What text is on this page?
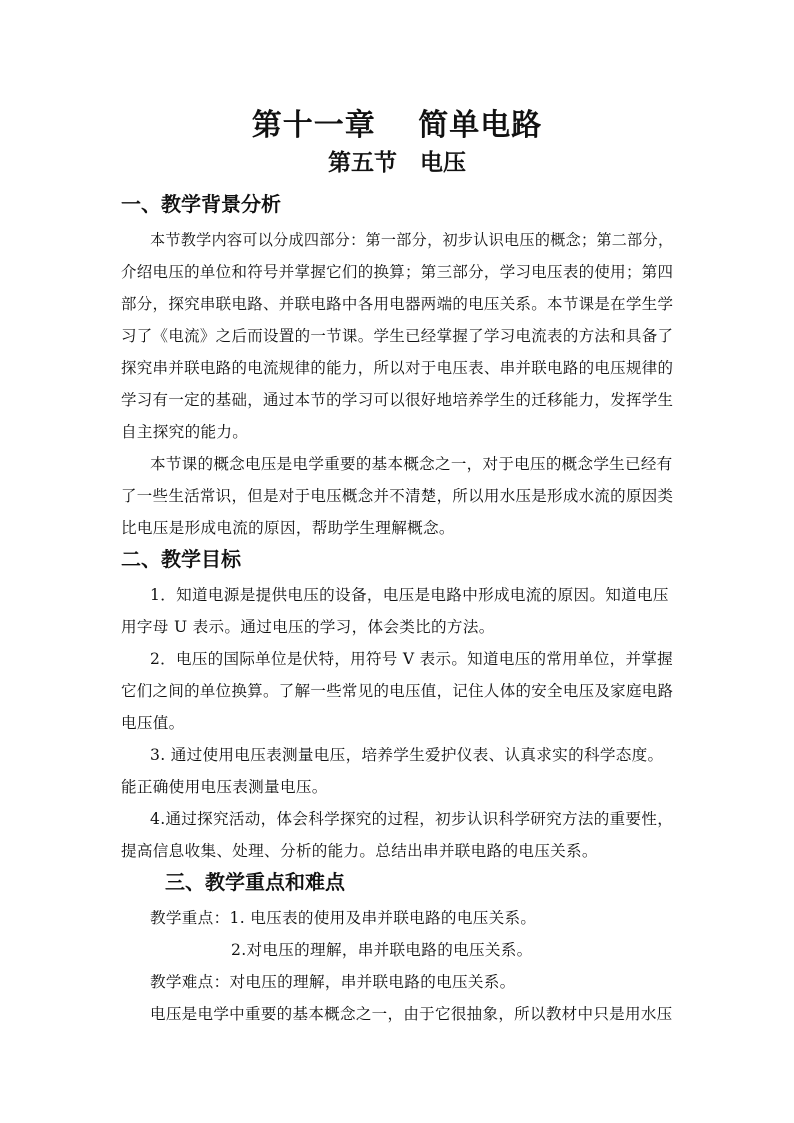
第十一章　 简单电路
第五节　电压
一、教学背景分析
本节教学内容可以分成四部分：第一部分，初步认识电压的概念；第二部分，
介绍电压的单位和符号并掌握它们的换算；第三部分，学习电压表的使用；第四
部分，探究串联电路、并联电路中各用电器两端的电压关系。本节课是在学生学
习了《电流》之后而设置的一节课。学生已经掌握了学习电流表的方法和具备了
探究串并联电路的电流规律的能力，所以对于电压表、串并联电路的电压规律的
学习有一定的基础，通过本节的学习可以很好地培养学生的迁移能力，发挥学生
自主探究的能力。
本节课的概念电压是电学重要的基本概念之一，对于电压的概念学生已经有
了一些生活常识，但是对于电压概念并不清楚，所以用水压是形成水流的原因类
比电压是形成电流的原因，帮助学生理解概念。
二、教学目标
1．知道电源是提供电压的设备，电压是电路中形成电流的原因。知道电压
用字母 U 表示。通过电压的学习，体会类比的方法。
2．电压的国际单位是伏特，用符号 V 表示。知道电压的常用单位，并掌握
它们之间的单位换算。了解一些常见的电压值，记住人体的安全电压及家庭电路
电压值。
3. 通过使用电压表测量电压，培养学生爱护仪表、认真求实的科学态度。
能正确使用电压表测量电压。
4.通过探究活动，体会科学探究的过程，初步认识科学研究方法的重要性，
提高信息收集、处理、分析的能力。总结出串并联电路的电压关系。
三、教学重点和难点
教学重点：1. 电压表的使用及串并联电路的电压关系。
2.对电压的理解，串并联电路的电压关系。
教学难点：对电压的理解，串并联电路的电压关系。
电压是电学中重要的基本概念之一，由于它很抽象，所以教材中只是用水压
